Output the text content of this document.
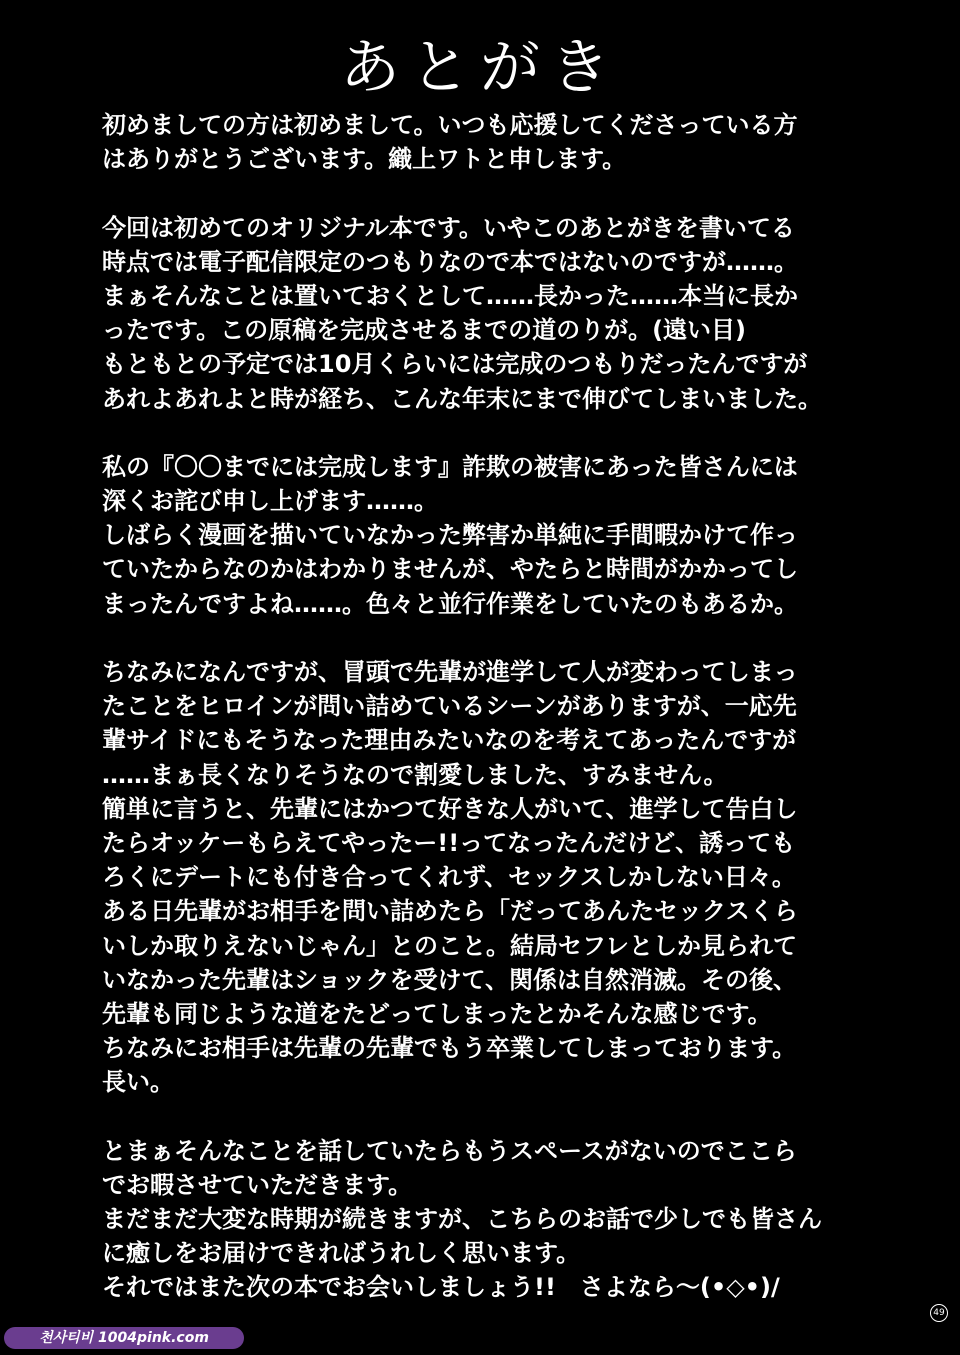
あとがき
初めましての方は初めまして。いつも応援してくださっている方
はありがとうございます。織上ワトと申します。
今回は初めてのオリジナル本です。いやこのあとがきを書いてる
時点では電子配信限定のつもりなので本ではないのですが……。
まぁそんなことは置いておくとして……長かった……本当に長か
ったです。この原稿を完成させるまでの道のりが。(遠い目)
もともとの予定では10月くらいには完成のつもりだったんですが
あれよあれよと時が経ち、こんな年末にまで伸びてしまいました。
私の『〇〇までには完成します』詐欺の被害にあった皆さんには
深くお詫び申し上げます……。
しばらく漫画を描いていなかった弊害か単純に手間暇かけて作っ
ていたからなのかはわかりませんが、やたらと時間がかかってし
まったんですよね……。色々と並行作業をしていたのもあるか。
ちなみになんですが、冒頭で先輩が進学して人が変わってしまっ
たことをヒロインが問い詰めているシーンがありますが、一応先
輩サイドにもそうなった理由みたいなのを考えてあったんですが
……まぁ長くなりそうなので割愛しました、すみません。
簡単に言うと、先輩にはかつて好きな人がいて、進学して告白し
たらオッケーもらえてやったー!!ってなったんだけど、誘っても
ろくにデートにも付き合ってくれず、セックスしかしない日々。
ある日先輩がお相手を問い詰めたら「だってあんたセックスくら
いしか取りえないじゃん」とのこと。結局セフレとしか見られて
いなかった先輩はショックを受けて、関係は自然消滅。その後、
先輩も同じような道をたどってしまったとかそんな感じです。
ちなみにお相手は先輩の先輩でもう卒業してしまっております。
長い。
とまぁそんなことを話していたらもうスペースがないのでここら
でお暇させていただきます。
まだまだ大変な時期が続きますが、こちらのお話で少しでも皆さん
に癒しをお届けできればうれしく思います。
それではまた次の本でお会いしましょう!!　さよなら〜(•◇•)/
49
천사티비 1004pink.com
